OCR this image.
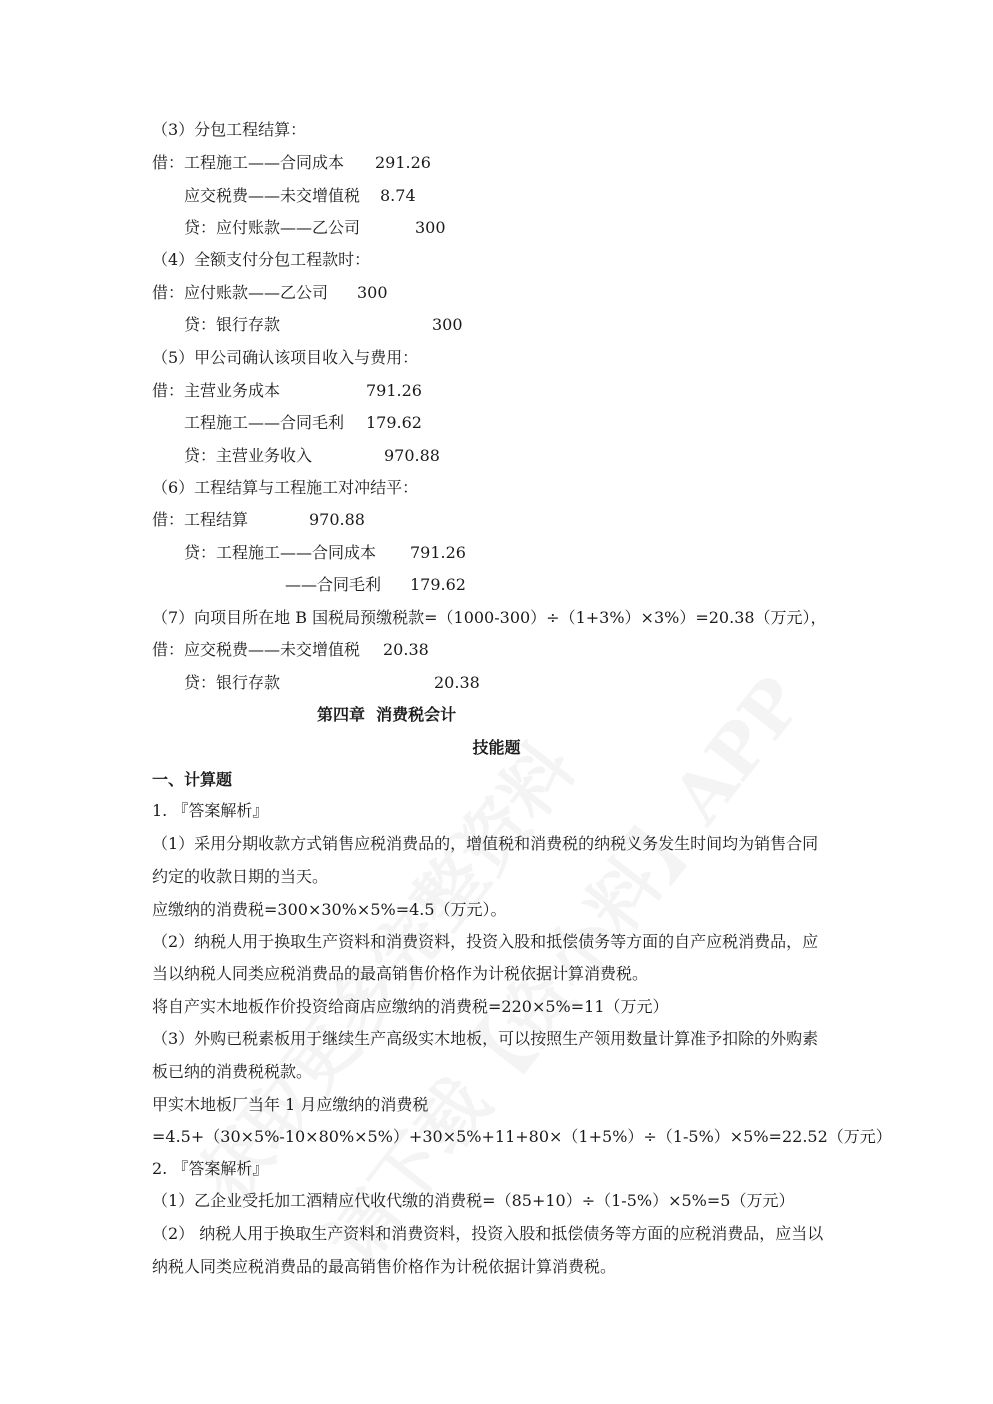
（3）分包工程结算：
借：工程施工——合同成本 291.26
应交税费——未交增值税 8.74
贷：应付账款——乙公司	300
（4）全额支付分包工程款时：
借：应付账款——乙公司 300
贷：银行存款	300
（5）甲公司确认该项目收入与费用：
借：主营业务成本	791.26
工程施工——合同毛利 179.62
贷：主营业务收入	970.88
（6）工程结算与工程施工对冲结平：
借：工程结算	970.88
贷：工程施工——合同成本 791.26
——合同毛利 179.62
（7）向项目所在地 B 国税局预缴税款=（1000-300）÷（1+3%）×3%）=20.38（万元），
借：应交税费——未交增值税 20.38
贷：银行存款	20.38
第四章  消费税会计
技能题
一、计算题
1. 『答案解析』
（1）采用分期收款方式销售应税消费品的，增值税和消费税的纳税义务发生时间均为销售合同
约定的收款日期的当天。
应缴纳的消费税=300×30%×5%=4.5（万元）。
（2）纳税人用于换取生产资料和消费资料，投资入股和抵偿债务等方面的自产应税消费品，应
当以纳税人同类应税消费品的最高销售价格作为计税依据计算消费税。
将自产实木地板作价投资给商店应缴纳的消费税=220×5%=11（万元）
（3）外购已税素板用于继续生产高级实木地板，可以按照生产领用数量计算准予扣除的外购素
板已纳的消费税税款。
甲实木地板厂当年 1 月应缴纳的消费税
=4.5+（30×5%-10×80%×5%）+30×5%+11+80×（1+5%）÷（1-5%）×5%=22.52（万元）
2. 『答案解析』
（1）乙企业受托加工酒精应代收代缴的消费税=（85+10）÷（1-5%）×5%=5（万元）
（2） 纳税人用于换取生产资料和消费资料，投资入股和抵偿债务等方面的应税消费品，应当以
纳税人同类应税消费品的最高销售价格作为计税依据计算消费税。
